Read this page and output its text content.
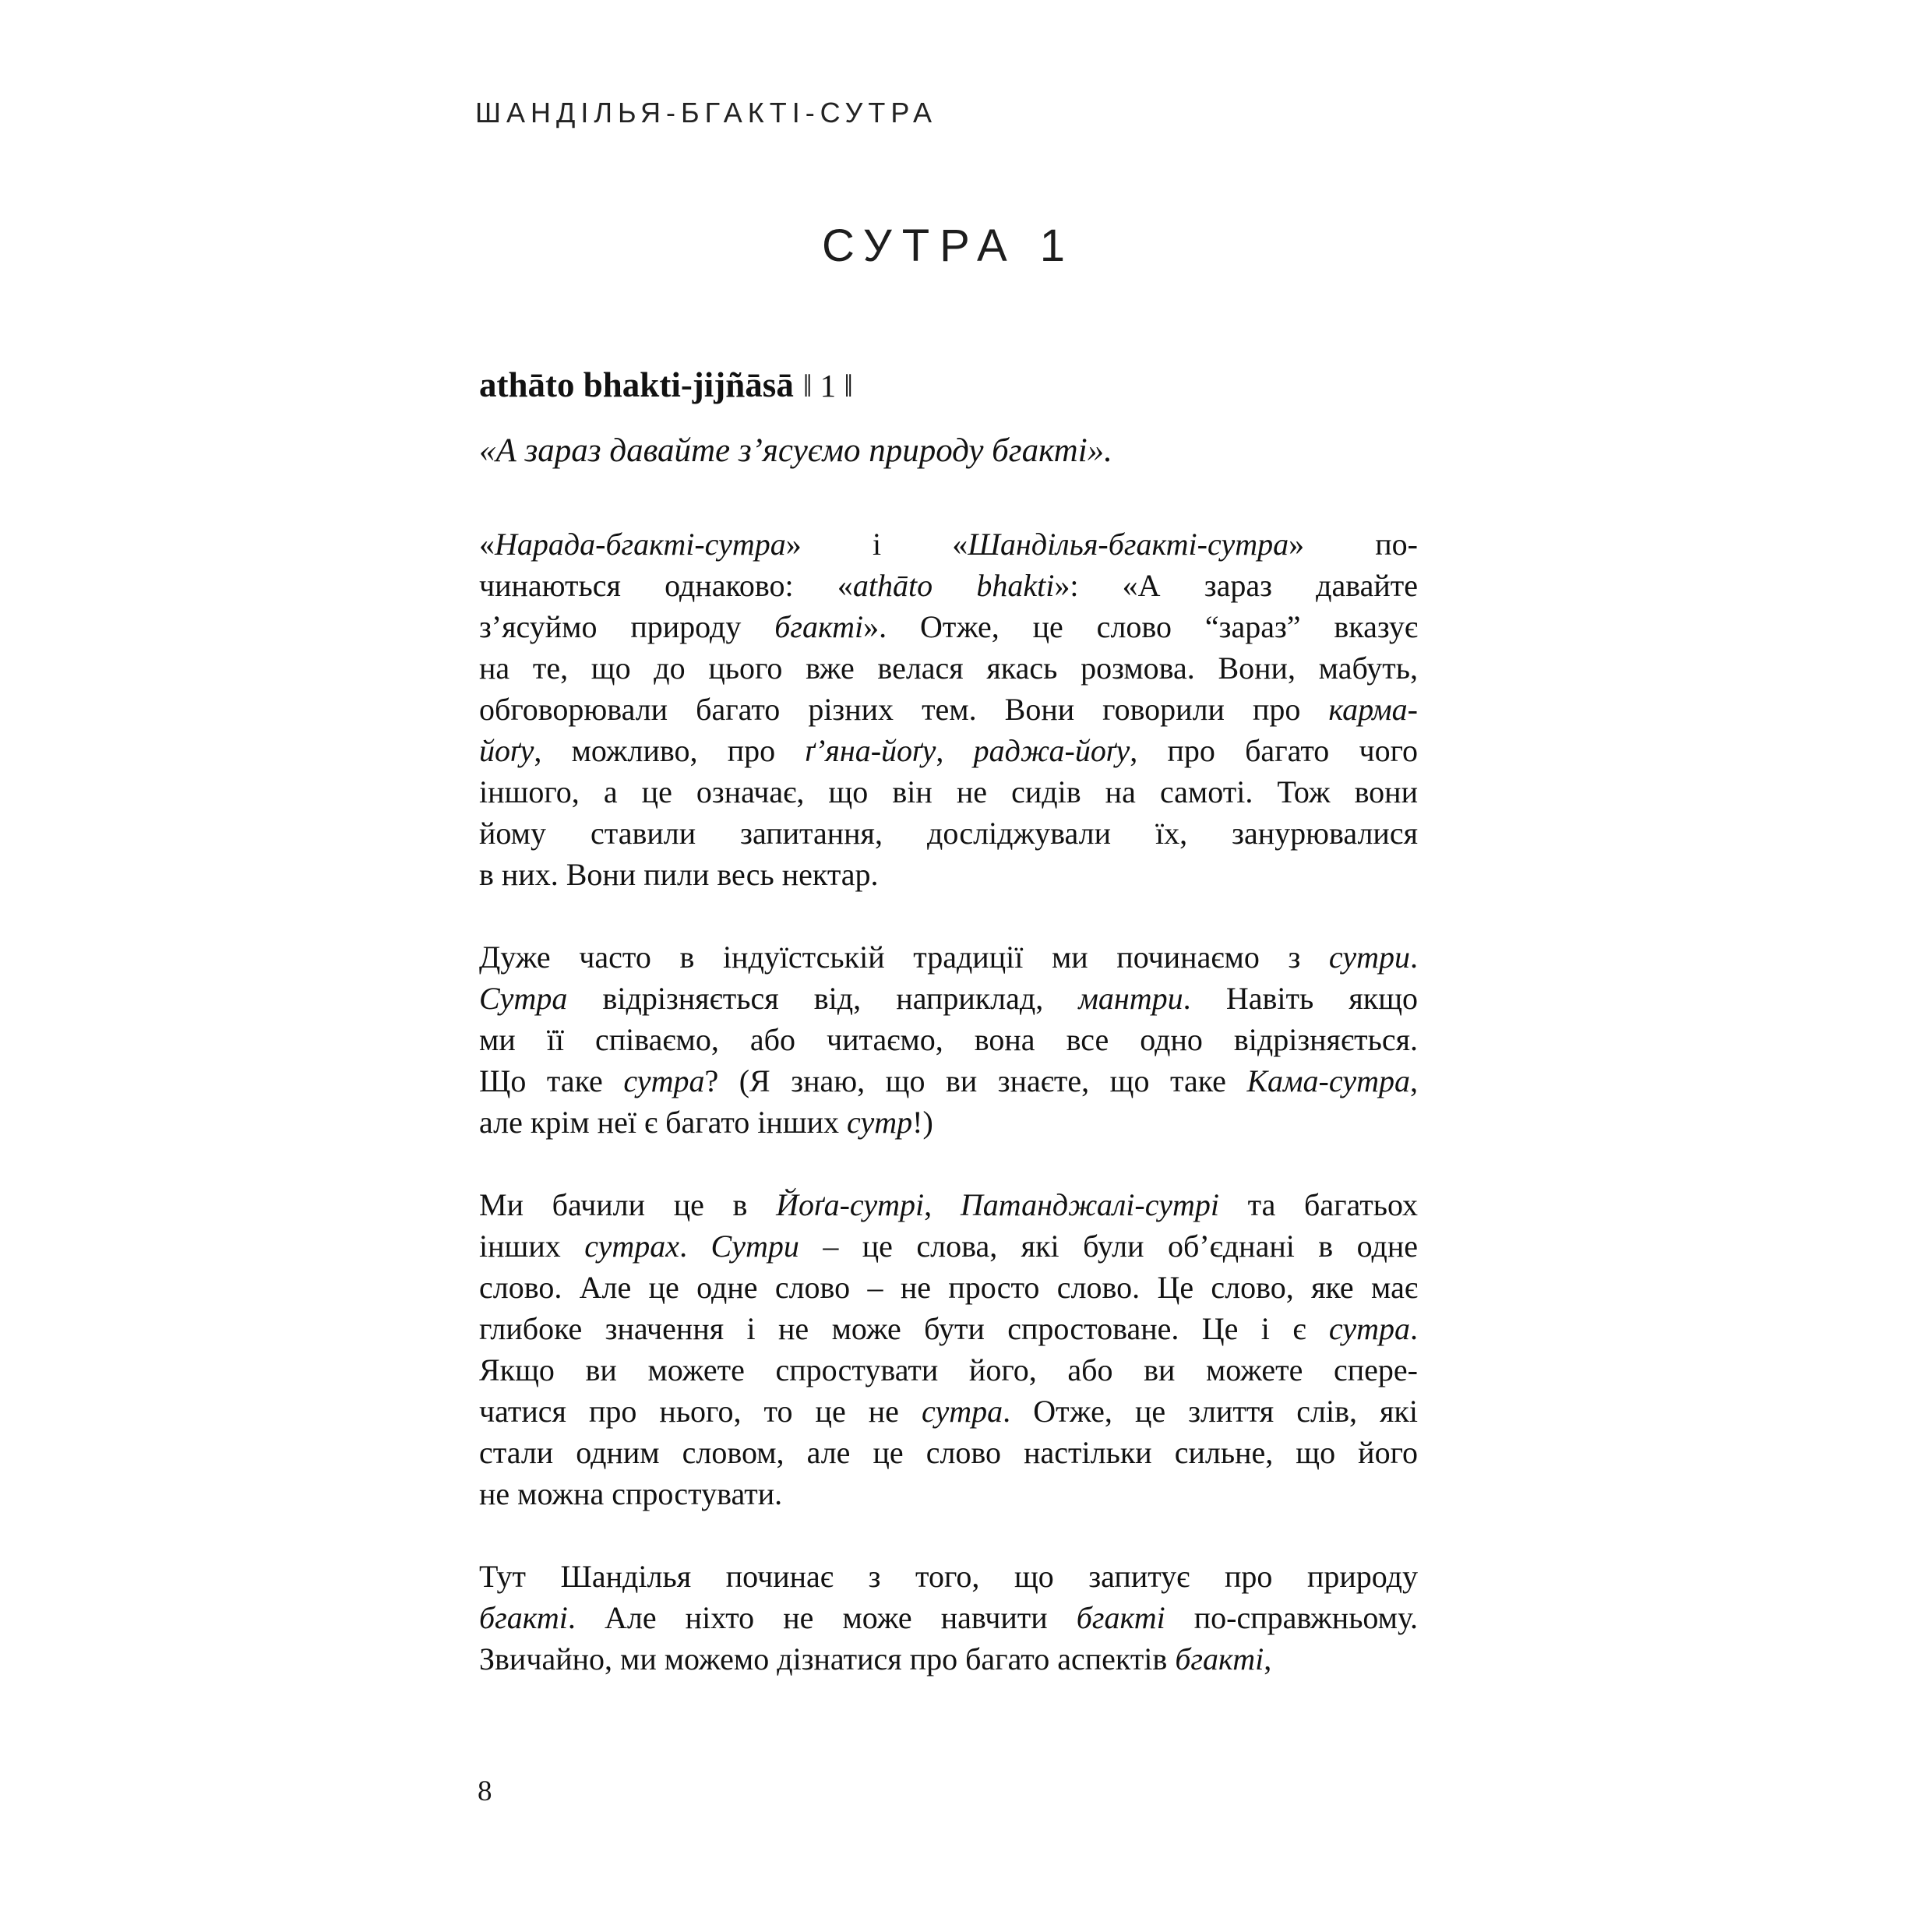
ШАНДІЛЬЯ-БГАКТІ-СУТРА
СУТРА 1
athāto bhakti-jijñāsā ‖ 1 ‖
«А зараз давайте з’ясуємо природу бгакті».
«Нарада-бгакті-сутра» і «Шанділья-бгакті-сутра» по-
чинаються однаково: «athāto bhakti»: «А зараз давайте
з’ясуймо природу бгакті». Отже, це слово “зараз” вказує
на те, що до цього вже велася якась розмова. Вони, мабуть,
обговорювали багато різних тем. Вони говорили про карма-
йоґу, можливо, про ґ’яна-йоґу, раджа-йоґу, про багато чого
іншого, а це означає, що він не сидів на самоті. Тож вони
йому ставили запитання, досліджували їх, занурювалися
в них. Вони пили весь нектар.
Дуже часто в індуїстській традиції ми починаємо з сутри.
Сутра відрізняється від, наприклад, мантри. Навіть якщо
ми її співаємо, або читаємо, вона все одно відрізняється.
Що таке сутра? (Я знаю, що ви знаєте, що таке Кама-сутра,
але крім неї є багато інших сутр!)
Ми бачили це в Йоґа-сутрі, Патанджалі-сутрі та багатьох
інших сутрах. Сутри – це слова, які були об’єднані в одне
слово. Але це одне слово – не просто слово. Це слово, яке має
глибоке значення і не може бути спростоване. Це і є сутра.
Якщо ви можете спростувати його, або ви можете спере-
чатися про нього, то це не сутра. Отже, це злиття слів, які
стали одним словом, але це слово настільки сильне, що його
не можна спростувати.
Тут Шанділья починає з того, що запитує про природу
бгакті. Але ніхто не може навчити бгакті по-справжньому.
Звичайно, ми можемо дізнатися про багато аспектів бгакті,
8
